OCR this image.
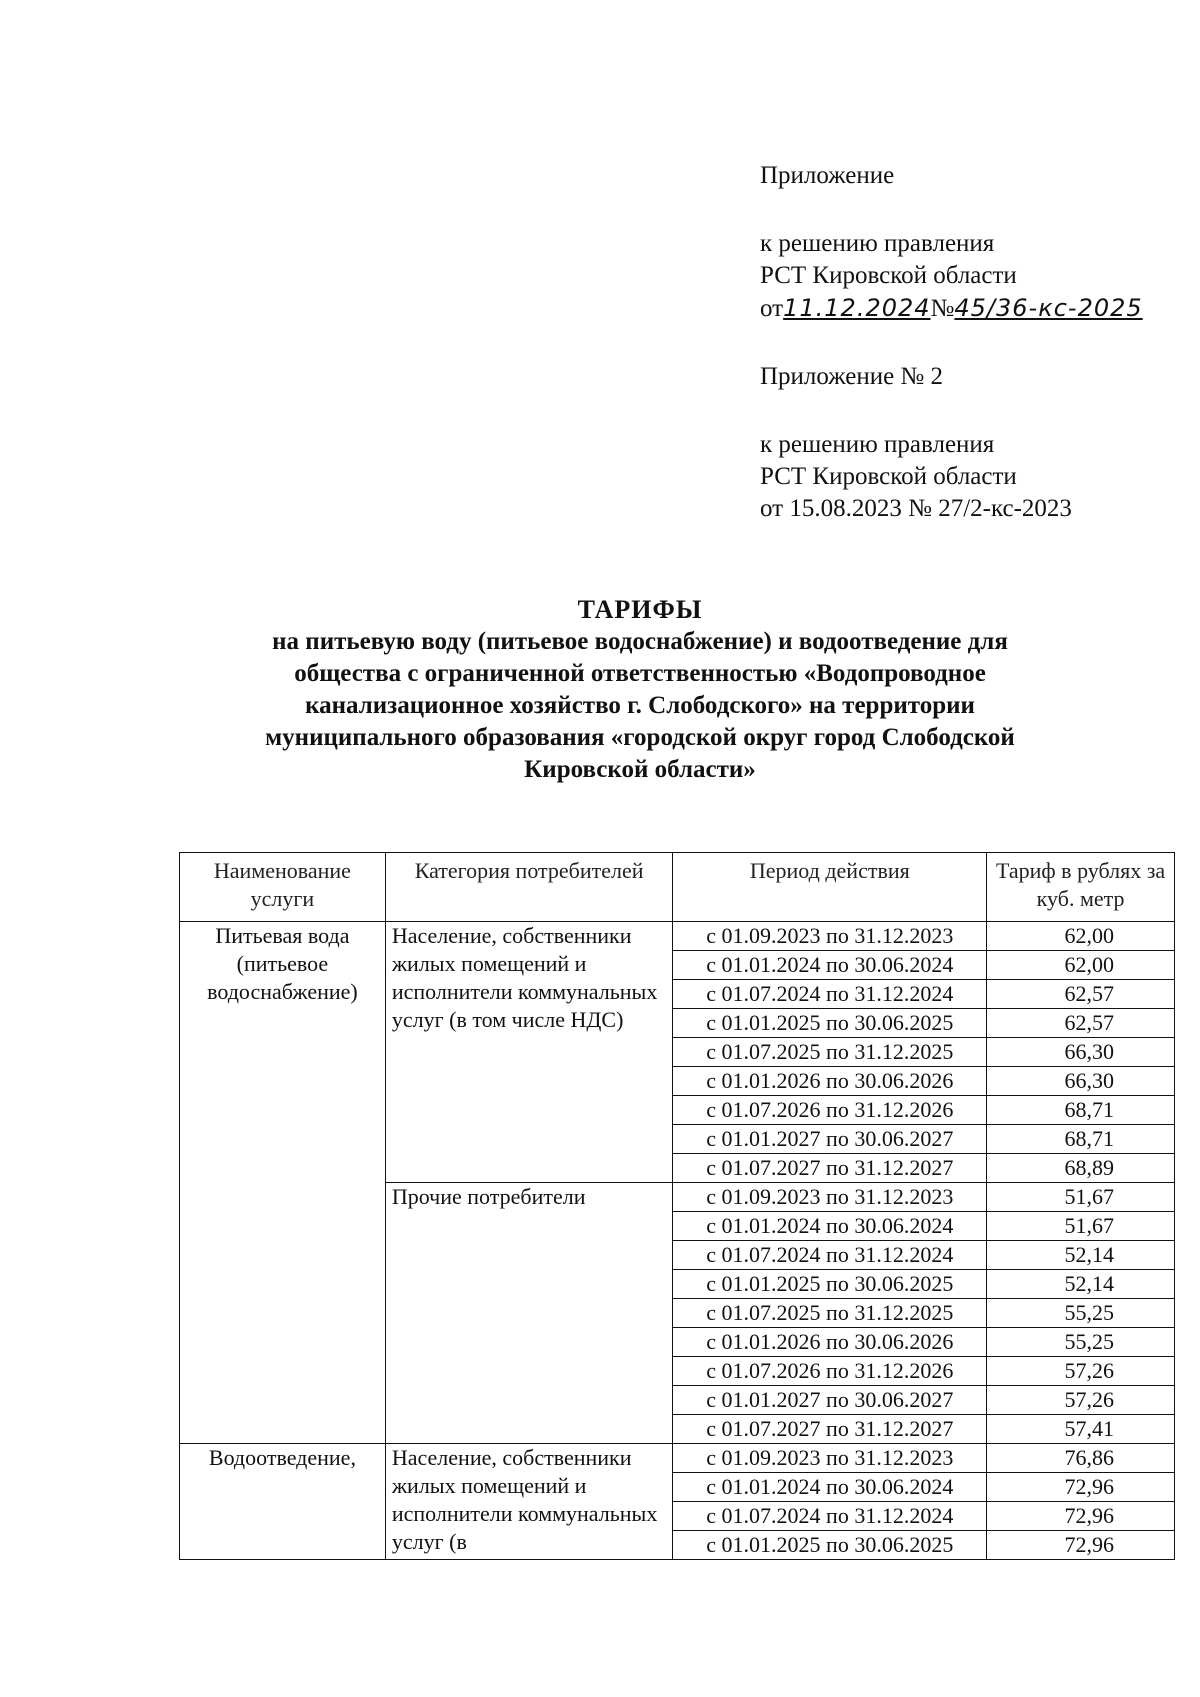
Приложение

к решению правления

РСТ Кировской области

от11.12.2024№45/36-кс-2025

Приложение № 2

к решению правления

РСТ Кировской области

от 15.08.2023 № 27/2-кс-2023

ТАРИФЫ
на питьевую воду (питьевое водоснабжение) и водоотведение для
общества с ограниченной ответственностью «Водопроводное
канализационное хозяйство г. Слободского» на территории
муниципального образования «городской округ город Слободской
Кировской области»
Наименование услуги	Категория потребителей	Период действия	Тариф в рублях за куб. метр
Питьевая вода (питьевое водоснабжение)	Население, собственники жилых помещений и исполнители коммунальных услуг (в том числе НДС)	с 01.09.2023 по 31.12.2023	62,00
		с 01.01.2024 по 30.06.2024	62,00
		с 01.07.2024 по 31.12.2024	62,57
		с 01.01.2025 по 30.06.2025	62,57
		с 01.07.2025 по 31.12.2025	66,30
		с 01.01.2026 по 30.06.2026	66,30
		с 01.07.2026 по 31.12.2026	68,71
		с 01.01.2027 по 30.06.2027	68,71
		с 01.07.2027 по 31.12.2027	68,89
	Прочие потребители	с 01.09.2023 по 31.12.2023	51,67
		с 01.01.2024 по 30.06.2024	51,67
		с 01.07.2024 по 31.12.2024	52,14
		с 01.01.2025 по 30.06.2025	52,14
		с 01.07.2025 по 31.12.2025	55,25
		с 01.01.2026 по 30.06.2026	55,25
		с 01.07.2026 по 31.12.2026	57,26
		с 01.01.2027 по 30.06.2027	57,26
		с 01.07.2027 по 31.12.2027	57,41
Водоотведение,	Население, собственники жилых помещений и исполнители коммунальных услуг (в	с 01.09.2023 по 31.12.2023	76,86
		с 01.01.2024 по 30.06.2024	72,96
		с 01.07.2024 по 31.12.2024	72,96
		с 01.01.2025 по 30.06.2025	72,96
